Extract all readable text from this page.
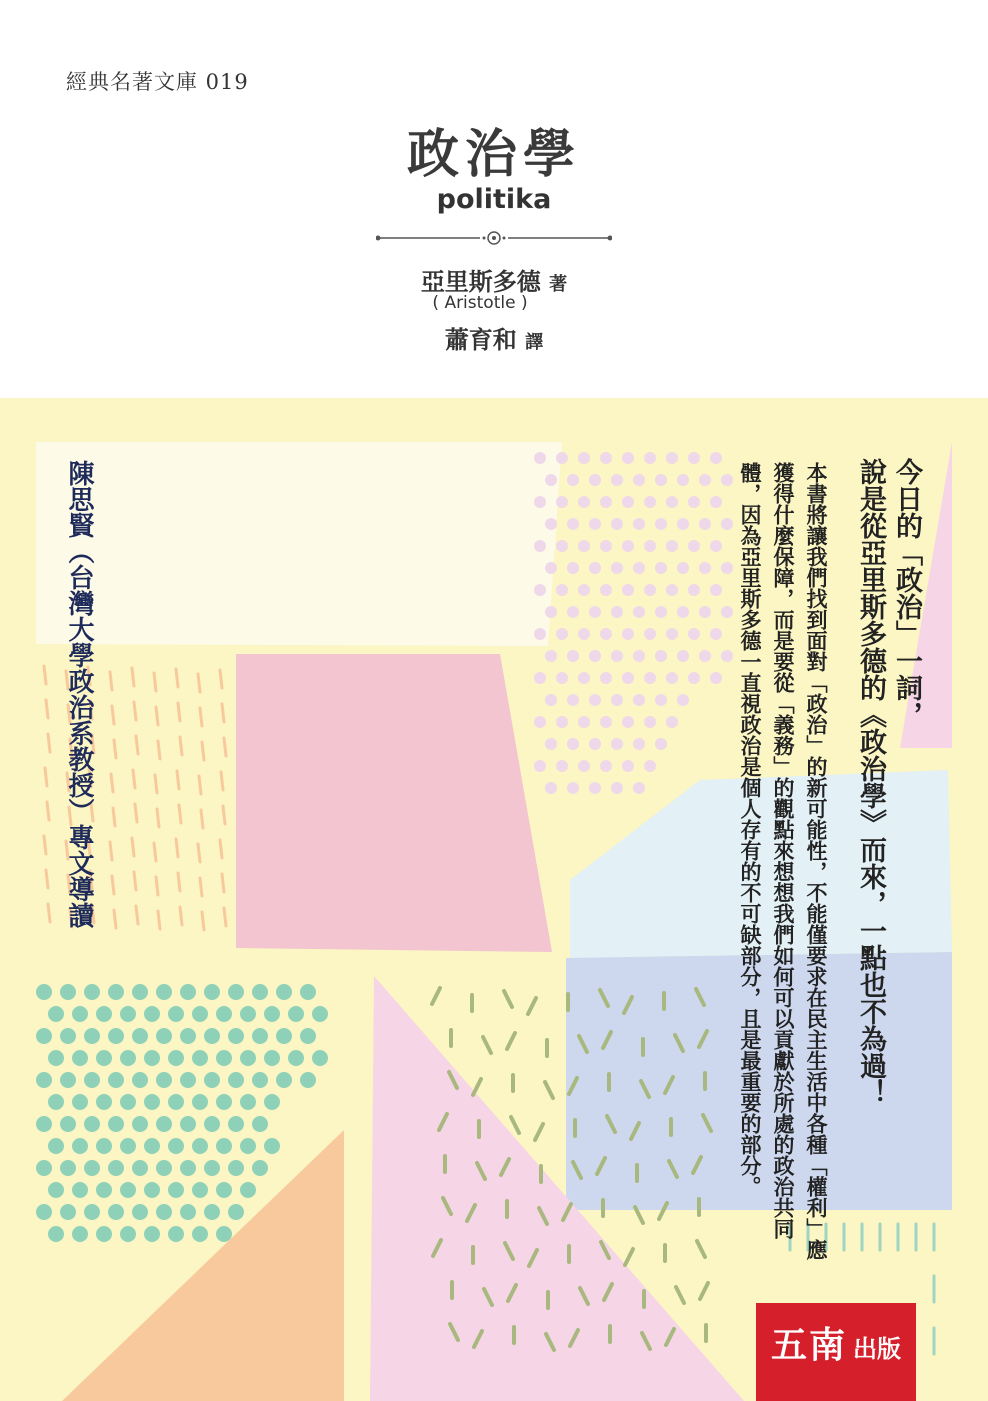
經典名著文庫 019
政治學
politika
亞里斯多德 著
( Aristotle )
蕭育和 譯
陳思賢（台灣大學政治系教授）專文導讀	今日的「政治」一詞，
說是從亞里斯多德的《政治學》而來，一點也不為過！
本書將讓我們找到面對「政治」的新可能性，不能僅要求在民主生活中各種「權利」應獲得什麼保障，而是要從「義務」的觀點來想想我們如何可以貢獻於所處的政治共同體，因為亞里斯多德一直視政治是個人存有的不可缺部分，且是最重要的部分。
五南 出版
